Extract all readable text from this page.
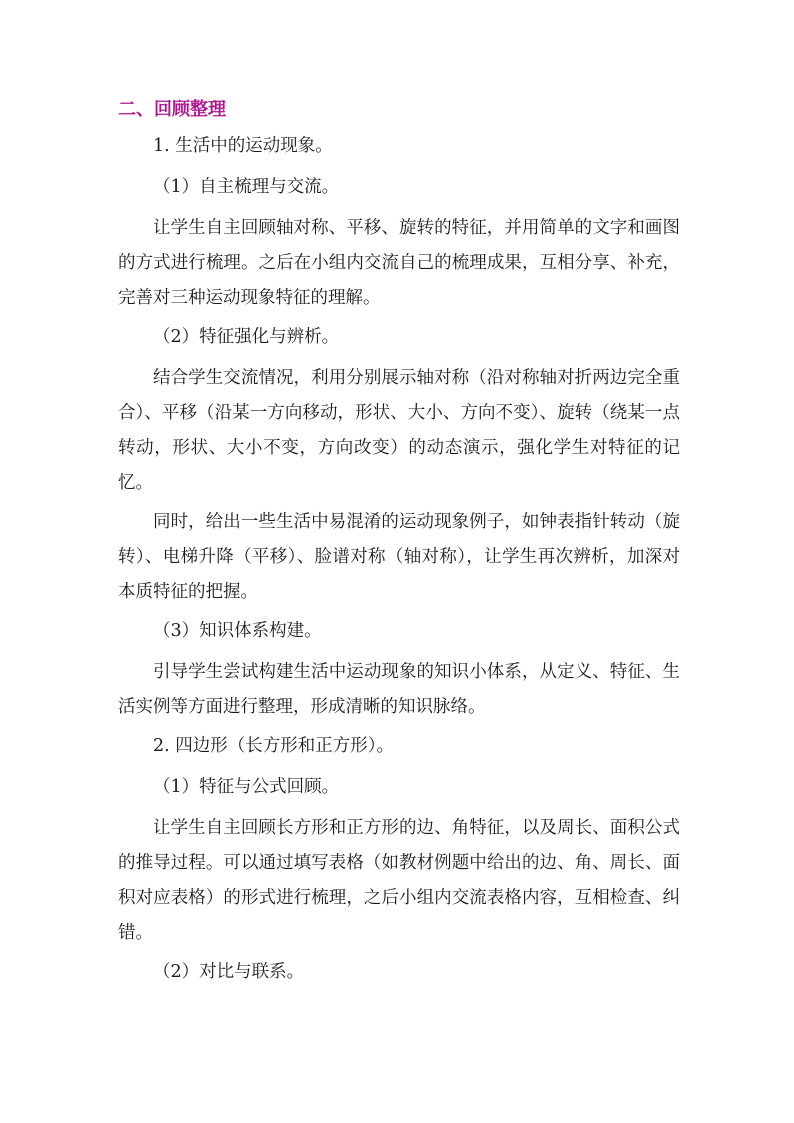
二、回顾整理
1. 生活中的运动现象。
（1）自主梳理与交流。
让学生自主回顾轴对称、平移、旋转的特征，并用简单的文字和画图的方式进行梳理。之后在小组内交流自己的梳理成果，互相分享、补充，完善对三种运动现象特征的理解。
（2）特征强化与辨析。
结合学生交流情况，利用分别展示轴对称（沿对称轴对折两边完全重合）、平移（沿某一方向移动，形状、大小、方向不变）、旋转（绕某一点转动，形状、大小不变，方向改变）的动态演示，强化学生对特征的记忆。
同时，给出一些生活中易混淆的运动现象例子，如钟表指针转动（旋转）、电梯升降（平移）、脸谱对称（轴对称），让学生再次辨析，加深对本质特征的把握。
（3）知识体系构建。
引导学生尝试构建生活中运动现象的知识小体系，从定义、特征、生活实例等方面进行整理，形成清晰的知识脉络。
2. 四边形（长方形和正方形）。
（1）特征与公式回顾。
让学生自主回顾长方形和正方形的边、角特征，以及周长、面积公式的推导过程。可以通过填写表格（如教材例题中给出的边、角、周长、面积对应表格）的形式进行梳理，之后小组内交流表格内容，互相检查、纠错。
（2）对比与联系。
